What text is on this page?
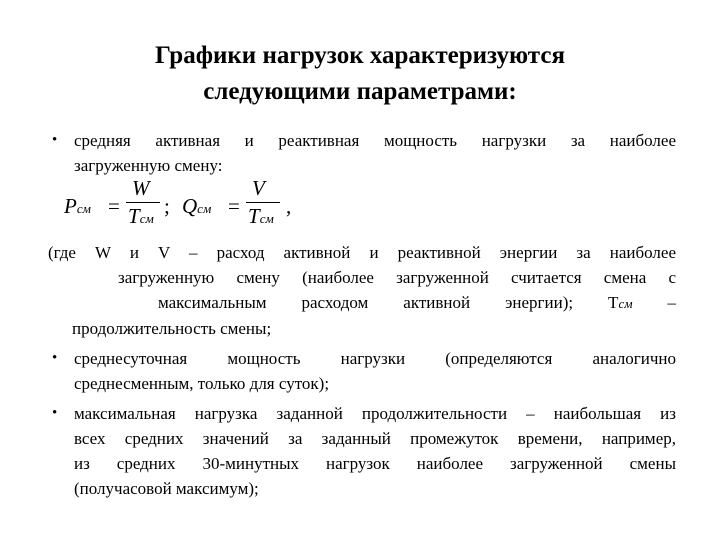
Графики нагрузок характеризуются
следующими параметрами:
• средняя активная и реактивная мощность нагрузки за наиболее
загруженную смену:
Pсм =
W
Tсм
; Qсм =
V
Tсм
,
(где W и V – расход активной и реактивной энергии за наиболее
загруженную смену (наиболее загруженной считается смена с
максимальным расходом активной энергии); Tсм –
продолжительность смены;
• среднесуточная мощность нагрузки (определяются аналогично
среднесменным, только для суток);
• максимальная нагрузка заданной продолжительности – наибольшая из
всех средних значений за заданный промежуток времени, например,
из средних 30-минутных нагрузок наиболее загруженной смены
(получасовой максимум);
